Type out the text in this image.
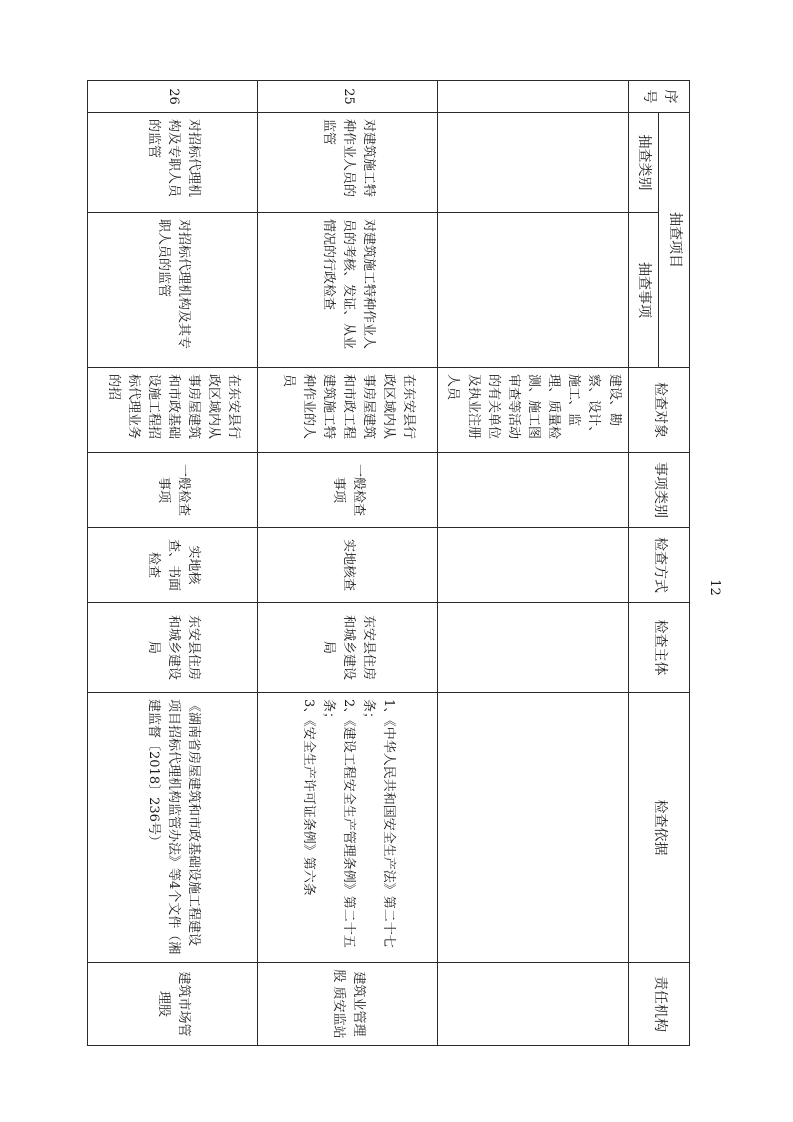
序号	抽查项目		检查对象	事项类别	检查方式	检查主体	检查依据	责任机构
	抽查类别	抽查事项						
			建设、勘察、设计、施工、监理、质量检测、施工图审查等活动的有关单位及执业注册人员					
25	对建筑施工特种作业人员的监管	对建筑施工特种作业人员的考核、发证、从业情况的行政检查	在东安县行政区域内从事房屋建筑和市政工程建筑施工特种作业的人员	一般检查事项	实地核查	东安县住房和城乡建设局	1、《中华人民共和国安全生产法》第二十七条；

2、《建设工程安全生产管理条例》第二十五条；

3、《安全生产许可证条例》第六条	建筑业管理股 质安监站
26	对招标代理机构及专职人员的监管	对招标代理机构及其专职人员的监管	在东安县行政区域内从事房屋建筑和市政基础设施工程招标代理业务的招	一般检查事项	实地核查、书面检查	东安县住房和城乡建设局	《湖南省房屋建筑和市政基础设施工程建设项目招标代理机构监管办法》等4个文件（湘建监督〔2018〕236号）	建筑市场管理股
12
